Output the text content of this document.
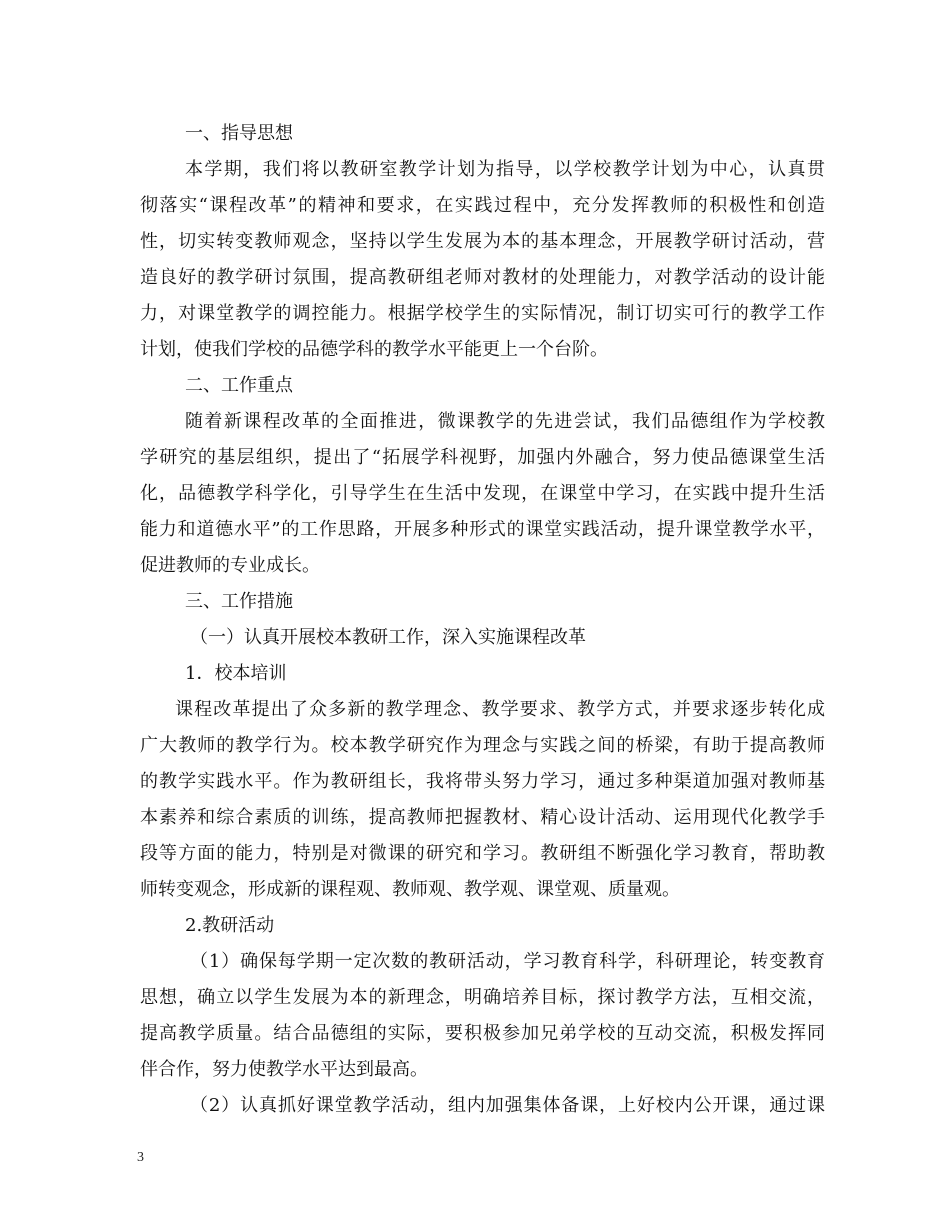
一、指导思想

本学期，我们将以教研室教学计划为指导，以学校教学计划为中心，认真贯

彻落实“课程改革”的精神和要求，在实践过程中，充分发挥教师的积极性和创造

性，切实转变教师观念，坚持以学生发展为本的基本理念，开展教学研讨活动，营

造良好的教学研讨氛围，提高教研组老师对教材的处理能力，对教学活动的设计能

力，对课堂教学的调控能力。根据学校学生的实际情况，制订切实可行的教学工作

计划，使我们学校的品德学科的教学水平能更上一个台阶。

二、工作重点

随着新课程改革的全面推进，微课教学的先进尝试，我们品德组作为学校教

学研究的基层组织，提出了“拓展学科视野，加强内外融合，努力使品德课堂生活

化，品德教学科学化，引导学生在生活中发现，在课堂中学习，在实践中提升生活

能力和道德水平”的工作思路，开展多种形式的课堂实践活动，提升课堂教学水平，

促进教师的专业成长。

三、工作措施

（一）认真开展校本教研工作，深入实施课程改革

1．校本培训

课程改革提出了众多新的教学理念、教学要求、教学方式，并要求逐步转化成

广大教师的教学行为。校本教学研究作为理念与实践之间的桥梁，有助于提高教师

的教学实践水平。作为教研组长，我将带头努力学习，通过多种渠道加强对教师基

本素养和综合素质的训练，提高教师把握教材、精心设计活动、运用现代化教学手

段等方面的能力，特别是对微课的研究和学习。教研组不断强化学习教育，帮助教

师转变观念，形成新的课程观、教师观、教学观、课堂观、质量观。

2.教研活动

（1）确保每学期一定次数的教研活动，学习教育科学，科研理论，转变教育

思想，确立以学生发展为本的新理念，明确培养目标，探讨教学方法，互相交流，

提高教学质量。结合品德组的实际，要积极参加兄弟学校的互动交流，积极发挥同

伴合作，努力使教学水平达到最高。

（2）认真抓好课堂教学活动，组内加强集体备课，上好校内公开课，通过课

3
